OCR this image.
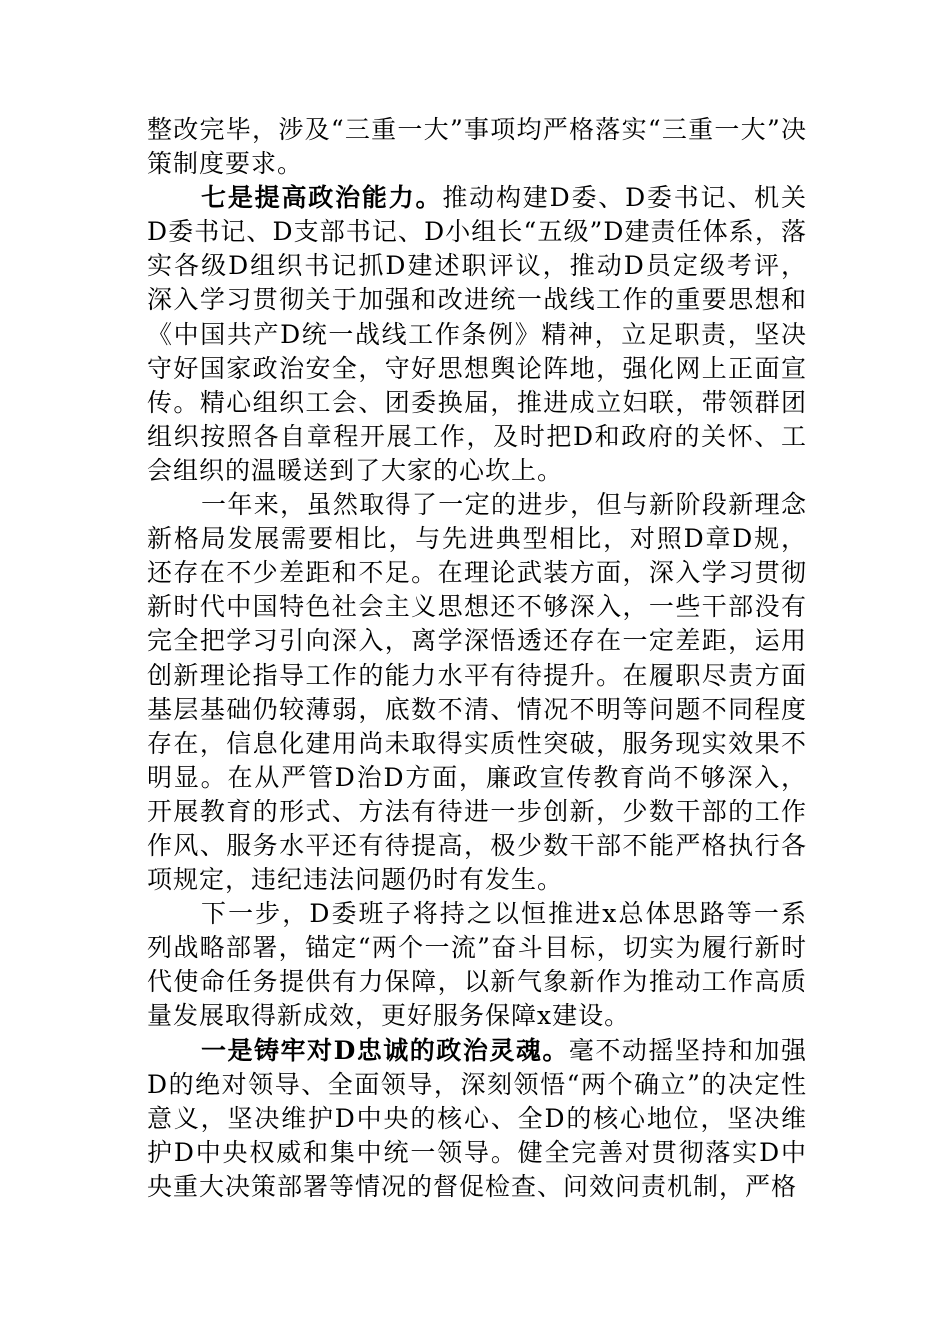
整改完毕，涉及“三重一大”事项均严格落实“三重一大”决策制度要求。

七是提高政治能力。推动构建D委、D委书记、机关D委书记、D支部书记、D小组长“五级”D建责任体系，落实各级D组织书记抓D建述职评议，推动D员定级考评，深入学习贯彻关于加强和改进统一战线工作的重要思想和《中国共产D统一战线工作条例》精神，立足职责，坚决守好国家政治安全，守好思想舆论阵地，强化网上正面宣传。精心组织工会、团委换届，推进成立妇联，带领群团组织按照各自章程开展工作，及时把D和政府的关怀、工会组织的温暖送到了大家的心坎上。

一年来，虽然取得了一定的进步，但与新阶段新理念新格局发展需要相比，与先进典型相比，对照D章D规，还存在不少差距和不足。在理论武装方面，深入学习贯彻新时代中国特色社会主义思想还不够深入，一些干部没有完全把学习引向深入，离学深悟透还存在一定差距，运用创新理论指导工作的能力水平有待提升。在履职尽责方面基层基础仍较薄弱，底数不清、情况不明等问题不同程度存在，信息化建用尚未取得实质性突破，服务现实效果不明显。在从严管D治D方面，廉政宣传教育尚不够深入，开展教育的形式、方法有待进一步创新，少数干部的工作作风、服务水平还有待提高，极少数干部不能严格执行各项规定，违纪违法问题仍时有发生。

下一步，D委班子将持之以恒推进x总体思路等一系列战略部署，锚定“两个一流”奋斗目标，切实为履行新时代使命任务提供有力保障，以新气象新作为推动工作高质量发展取得新成效，更好服务保障x建设。

一是铸牢对D忠诚的政治灵魂。毫不动摇坚持和加强D的绝对领导、全面领导，深刻领悟“两个确立”的决定性意义，坚决维护D中央的核心、全D的核心地位，坚决维护D中央权威和集中统一领导。健全完善对贯彻落实D中央重大决策部署等情况的督促检查、问效问责机制，严格
